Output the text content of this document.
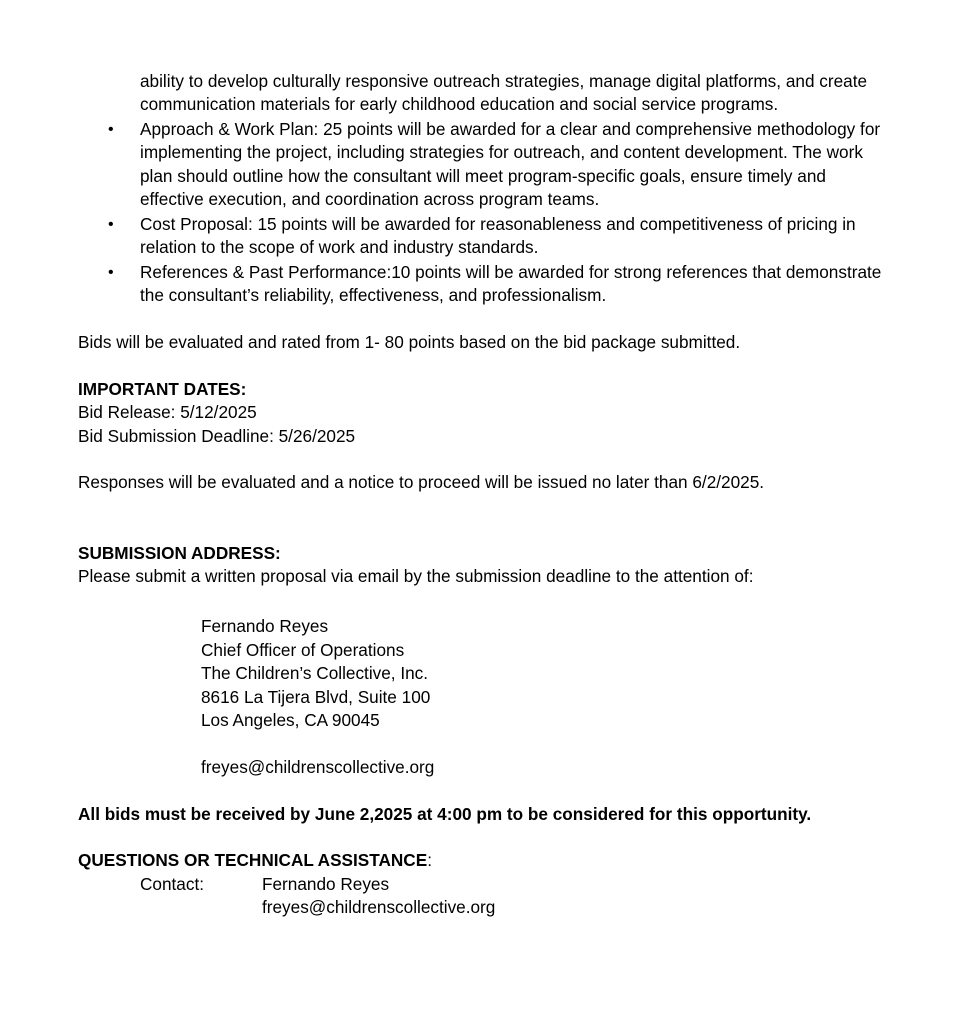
ability to develop culturally responsive outreach strategies, manage digital platforms, and create
communication materials for early childhood education and social service programs.
• Approach & Work Plan: 25 points will be awarded for a clear and comprehensive methodology for
implementing the project, including strategies for outreach, and content development. The work
plan should outline how the consultant will meet program-specific goals, ensure timely and
effective execution, and coordination across program teams.
• Cost Proposal: 15 points will be awarded for reasonableness and competitiveness of pricing in
relation to the scope of work and industry standards.
• References & Past Performance:10 points will be awarded for strong references that demonstrate
the consultant’s reliability, effectiveness, and professionalism.
Bids will be evaluated and rated from 1- 80 points based on the bid package submitted.
IMPORTANT DATES:
Bid Release: 5/12/2025
Bid Submission Deadline: 5/26/2025
Responses will be evaluated and a notice to proceed will be issued no later than 6/2/2025.
SUBMISSION ADDRESS:
Please submit a written proposal via email by the submission deadline to the attention of:
Fernando Reyes
Chief Officer of Operations
The Children’s Collective, Inc.
8616 La Tijera Blvd, Suite 100
Los Angeles, CA 90045
freyes@childrenscollective.org
All bids must be received by June 2,2025 at 4:00 pm to be considered for this opportunity.
QUESTIONS OR TECHNICAL ASSISTANCE:
Contact:	Fernando Reyes
freyes@childrenscollective.org
